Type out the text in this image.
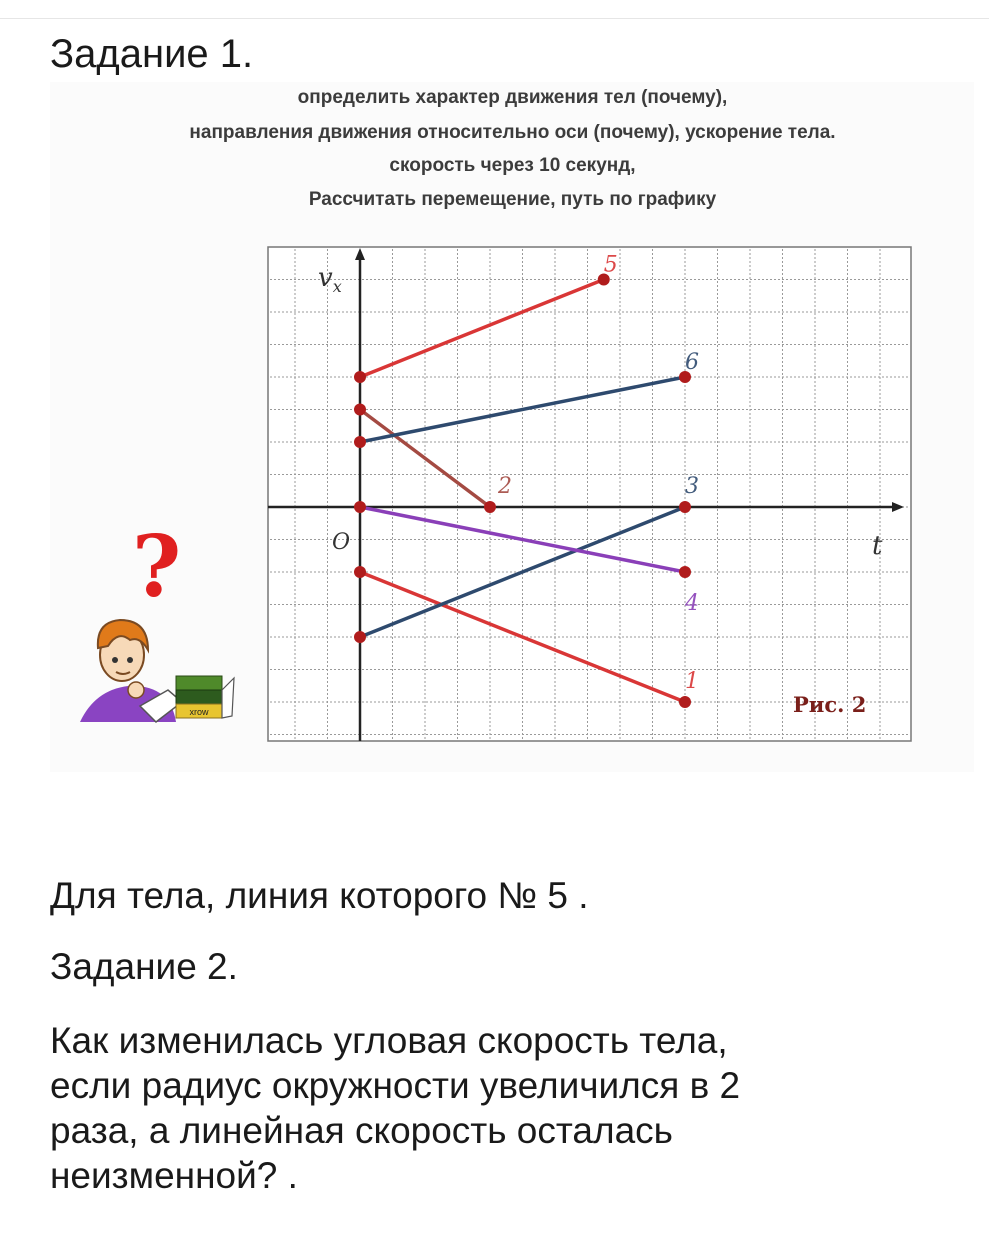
Задание 1.
определить характер движения тел (почему),
направления движения относительно оси (почему), ускорение тела.
скорость через 10 секунд,
Рассчитать перемещение, путь по графику
?
xrow
1
2	3
4
5
6
$v_x$
t
O
Рис. 2
Для тела, линия которого № 5 .
Задание 2.
Как изменилась угловая скорость тела,
если радиус окружности увеличился в 2
раза, а линейная скорость осталась
неизменной? .
